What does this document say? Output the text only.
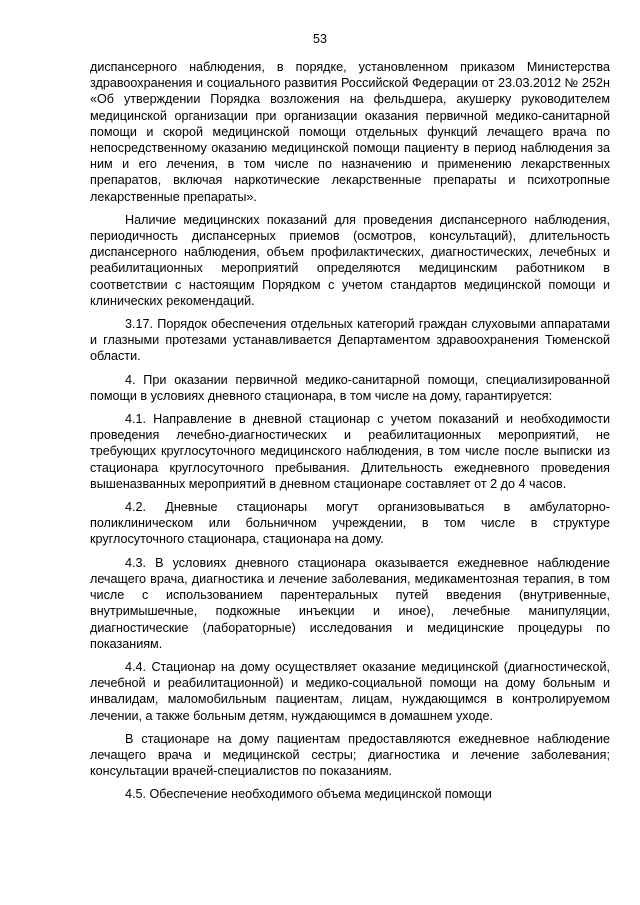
53

диспансерного наблюдения, в порядке, установленном приказом Министерства здравоохранения и социального развития Российской Федерации от 23.03.2012 № 252н «Об утверждении Порядка возложения на фельдшера, акушерку руководителем медицинской организации при организации оказания первичной медико-санитарной помощи и скорой медицинской помощи отдельных функций лечащего врача по непосредственному оказанию медицинской помощи пациенту в период наблюдения за ним и его лечения, в том числе по назначению и применению лекарственных препаратов, включая наркотические лекарственные препараты и психотропные лекарственные препараты».

Наличие медицинских показаний для проведения диспансерного наблюдения, периодичность диспансерных приемов (осмотров, консультаций), длительность диспансерного наблюдения, объем профилактических, диагностических, лечебных и реабилитационных мероприятий определяются медицинским работником в соответствии с настоящим Порядком с учетом стандартов медицинской помощи и клинических рекомендаций.

3.17. Порядок обеспечения отдельных категорий граждан слуховыми аппаратами и глазными протезами устанавливается Департаментом здравоохранения Тюменской области.

4. При оказании первичной медико-санитарной помощи, специализированной помощи в условиях дневного стационара, в том числе на дому, гарантируется:

4.1. Направление в дневной стационар с учетом показаний и необходимости проведения лечебно-диагностических и реабилитационных мероприятий, не требующих круглосуточного медицинского наблюдения, в том числе после выписки из стационара круглосуточного пребывания. Длительность ежедневного проведения вышеназванных мероприятий в дневном стационаре составляет от 2 до 4 часов.

4.2. Дневные стационары могут организовываться в амбулаторно-поликлиническом или больничном учреждении, в том числе в структуре круглосуточного стационара, стационара на дому.

4.3. В условиях дневного стационара оказывается ежедневное наблюдение лечащего врача, диагностика и лечение заболевания, медикаментозная терапия, в том числе с использованием парентеральных путей введения (внутривенные, внутримышечные, подкожные инъекции и иное), лечебные манипуляции, диагностические (лабораторные) исследования и медицинские процедуры по показаниям.

4.4. Стационар на дому осуществляет оказание медицинской (диагностической, лечебной и реабилитационной) и медико-социальной помощи на дому больным и инвалидам, маломобильным пациентам, лицам, нуждающимся в контролируемом лечении, а также больным детям, нуждающимся в домашнем уходе.

В стационаре на дому пациентам предоставляются ежедневное наблюдение лечащего врача и медицинской сестры; диагностика и лечение заболевания; консультации врачей-специалистов по показаниям.

4.5. Обеспечение необходимого объема медицинской помощи
